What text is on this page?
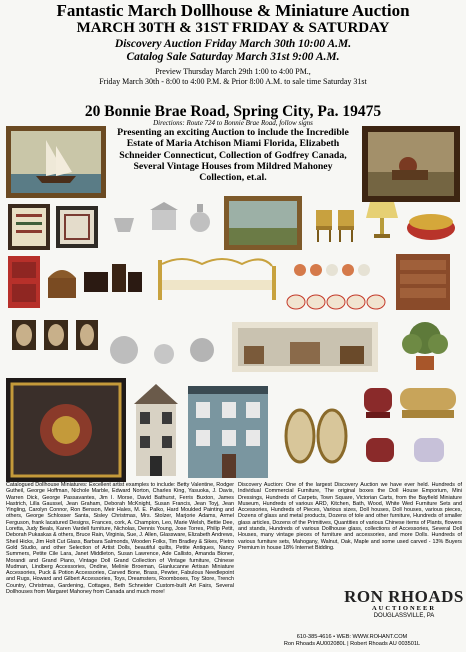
Fantastic March Dollhouse & Miniature Auction
MARCH 30TH & 31ST FRIDAY & SATURDAY
Discovery Auction Friday March 30th 10:00 A.M.
Catalog Sale Saturday March 31st 9:00 A.M.
Preview Thursday March 29th 1:00 to 4:00 PM.,
Friday March 30th - 8:00 to 4:00 P.M. & Prior 8:00 A.M. to sale time Saturday 31st
20 Bonnie Brae Road, Spring City, Pa. 19475
Directions: Route 724 to Bonnie Brae Road, follow signs
Presenting an exciting Auction to include the Incredible Estate of Maria Atchison Miami Florida, Elizabeth Schneider Connecticut, Collection of Godfrey Canada, Several Vintage Houses from Mildred Mahoney Collection, et.al.
Catalogued Dollhouse Miniatures: Excellent artist examples to include: Betty Valentine, Rodger Gutheil, George Hoffman, Nichole Marble, Edward Norton, Charles King, Yasuoka, J. Davis, Warren Dick, George Passavantes, Jim I. Morse, David Bathurst, Ferris Buxton, James Hastrich, Lilla Gaussel, Jean Graham, Deborah McKnight, Susan Francis, Jean Toyj, Jean Yingling, Carolyn Connor, Ron Benson, Meir Hales, M. E. Palko, Hard Moulded Painting and others, George Schlosser Santa, Sisley Christmas, Mrs. Stolzer, Marjorie Adams, Armel Ferguson, frank lacatured Designs, Frances, cork, A. Champion, Leo, Marie Welsh, Bettie Dee, Loretta, Judy Beals, Karen Vardell furniture, Nicholas, Dennis Young, Jose Torres, Philip Petit, Deborah Pukaskas & others, Bruce Rain, Virginia, Sue, J. Allen, Glassware, Elizabeth Andrews, Sheil Hicks, Jim Holt Cut Glass, Barbara Salmonds, Wooden Folks, Tim Bradley & Sikes, Pietro Gold Studio, and other Selection of Artist Dolls, beautiful quilts, Petite Antiques, Nancy Summers, Petite Cile Lara, Janet Middleton, Susan Lawrence, Ade Callisto, Amanda Bioner, Morandi and Grand Piano, Vintage Doll Grand Collection of Vintage furniture, Chinese Mudman, Lindberg Accessories, Ondine, Melinie Broeman, Gianlucanne Artisan Miniature Accessories, Puck & Potion Accessories, Carved Bone, Brass, Pewter, Fabulous Needlepoint and Rugs, Howard and Gilbert Accessories, Toys, Dreamsters, Roomboxes, Toy Store, Trench Country, Christmas, Gardening, Cottages, Beth Schneider Custom-built Art Fairs, Several Dollhouses from Margaret Mahoney from Canada and much more!
Discovery Auction: One of the largest Discovery Auction we have ever held. Hundreds of Individual Commercial Furniture, The original boxes the Doll House Emporium, Mini Dressings, Hundreds of Carpets, Town Square, Victorian Carts, from the Bayfield Miniature Museum, Hundreds of various ARD, Kitchen, Bath, Wood, White Wed Furniture Sets and Accessories, Hundreds of Pieces, Various sizes, Doll houses, Doll houses, various pieces, Dozens of glass and metal products, Dozens of tole and other furniture, Hundreds of smaller glass articles, Dozens of the Primitives, Quantities of various Chinese items of Plants, flowers and stands, Hundreds of various Dollhouse glass, collections of Accessories, Several Doll Houses, many vintage pieces of furniture and accessories, and more Dolls. Hundreds of various furniture sets, Mahogany, Walnut, Oak, Maple and some used carved - 13% Buyers Premium in house 18% Internet Bidding.
RON RHOADS
AUCTIONEER
DOUGLASSVILLE, PA
610-385-4616 • WEB: WWW.ROHANT.COM
Ron Rhoads AU002080L | Robert Rhoads AU 003501L
